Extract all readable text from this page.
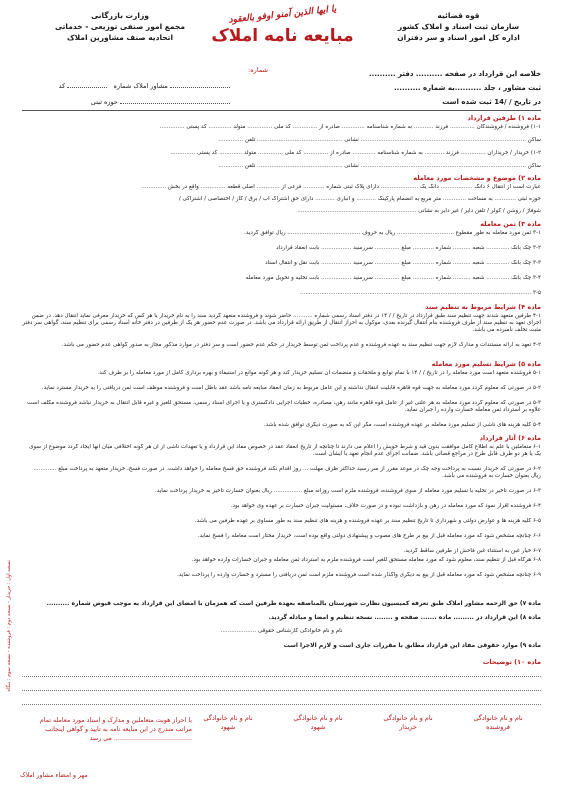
قوه قضائیه
سازمان ثبت اسناد و املاک کشور
اداره کل امور اسناد و سر دفتران
یا ایها الذین آمنو اوفو بالعقود
مبایعه نامه املاک
وزارت بازرگانی
مجمع امور صنفی توزیعی - خدماتی
اتحادیه صنف مشاورین املاک
شماره:
مشاور املاک شماره    کد
حوزه ثبتی
خلاصه این قرارداد در صفحه .......... دفتر ..........
ثبت مشاور ، جلد ..........به شماره ..........
در تاریخ / /14 ثبت شده است
ماده ۱) طرفین قرارداد
۱-۱) فروشنده / فروشندگان .............. فرزند ........... به شماره شناسنامه ............. صادره از .............. کد ملی .............. متولد ............. کد پستی ..............
ساکن ............................................................................................. نشانی ................................................ تلفن ..............
۱-۲) خریدار / خریداران .............. فرزند ........... به شماره شناسنامه ............. صادره از .............. کد ملی .............. متولد ............. کد پستی ..............
ساکن ............................................................................................. نشانی ................................................ تلفن ..............
ماده ۲) موضوع و مشخصات مورد معامله
عبارت است از انتقال ۶ دانگ .................. دانگ یک ..................... دارای پلاک ثبتی شماره ............ فرعی از ............. اصلی قطعه .............. واقع در بخش ..............
حوزه ثبتی ............ به مساحت ............. متر مربع به انضمام پارکینگ ........... و انباری ........... دارای حق اشتراک آب / برق / گاز / اختصاصی / اشتراکی /
شوفاژ / روشن / کولر / تلفن دایر / غیر دایر به نشانی ...................................................................
ماده ۳) ثمن معامله
۳-۱ ثمن مورد معامله به طور مقطوع ................................ ریال به حروف ......................................... ریال توافق گردید.
۳-۲ چک بانک ............. شعبه .......... شماره ............ مبلغ .............. سررسید ................. بابت انعقاد قرارداد
۳-۳ چک بانک ............. شعبه .......... شماره ............ مبلغ .............. سررسید ................. بابت نقل و انتقال اسناد
۳-۴ چک بانک ............. شعبه .......... شماره ............ مبلغ .............. سررسید ................. بابت تخلیه و تحویل مورد معامله
۳-۵ ..................................................................................................................................
ماده ۴) شرایط مربوط به تنظیم سند
۴-۱ طرفین متعهد شدند جهت تنظیم سند طبق قرارداد در تاریخ / / ۱۴ در دفتر اسناد رسمی شماره ........... حاضر شوند و فروشنده متعهد گردید سند را به نام خریدار یا هر کس که خریدار معرفی نماید انتقال دهد. در ضمن اجرای تعهد به تنظیم سند از طرف فروشنده بنام انتقال گیرنده بعدی، موکول به احراز انتقال از طریق ارائه قرارداد می باشد. در صورت عدم حضور هر یک از طرفین در دفتر خانه اسناد رسمی برای تنظیم سند، گواهی سر دفتر مثبت تخلف نامبرده می باشد.
۴-۲ تعهد به ارائه مستندات و مدارک لازم جهت تنظیم سند به عهده فروشنده و عدم پرداخت ثمن توسط خریدار در حکم عدم حضور است و سر دفتر در موارد مذکور مجاز به صدور گواهی عدم حضور می باشد.
ماده ۵) شرایط تسلیم مورد معامله
۵-۱ فروشنده متعهد است مورد معامله را در تاریخ / / ۱۴ با تمام توابع و ملحقات و منضمات آن تسلیم خریدار کند و هر گونه موانع در استیفاء و بهره برداری کامل از مورد معامله را بر طرف کند.
۵-۲ در صورتی که معلوم گردد مورد معامله به جهت قوه قاهره قابلیت انتقال نداشته و این عامل مربوط به زمان انعقاد مبایعه نامه باشد عقد باطل است و فروشنده موظف است ثمن دریافتی را به خریدار مسترد نماید.
۵-۳ در صورتی که معلوم گردد مورد معامله به هر علتی غیر از عامل قوه قاهره مانند رهن، مصادره، خطبات اجرایی دادگستری و یا اجرای اسناد رسمی، مستحق للغیر و غیره قابل انتقال به خریدار نباشد فروشنده مکلف است علاوه بر استرداد ثمن معامله خسارت وارده را جبران نماید.
۵-۴ کلیه هزینه های ناشی از تسلیم مورد معامله بر عهده فروشنده است، مگر این که به صورت دیگری توافق شده باشد.
ماده ۶) آثار قرارداد
۶-۱ متعاملین با علم به اطلاع کامل موافقت بدون قید و شرط خویش را اعلام می دارند تا چنانچه از تاریخ انعقاد عقد در خصوص مفاد این قرارداد و یا تعهدات ناشی از آن هر گونه اختلافی میان آنها ایجاد گردد موضوع از سوی یک یا هر دو طرف قابل طرح در مراجع قضائی باشد. ضمانت اجرای عدم انجام تعهد با ایشان است.
۶-۲ در صورتی که خریدار نسبت به پرداخت وجه چک در موعد مقرر از سر رسید حداکثر ظرف مهلت ... روز اقدام نکند فروشنده حق فسخ معامله را خواهد داشت. در صورت فسخ، خریدار متعهد به پرداخت مبلغ ............. ریال بعنوان خسارت به فروشنده می باشد.
۶-۳ در صورت تأخیر در تخلیه یا تسلیم مورد معامله از سوی فروشنده، فروشنده ملزم است روزانه مبلغ ................ ریال بعنوان خسارت تأخیر به خریدار پرداخت نماید.
۶-۴ فروشنده اقرار نمود که مورد معامله در رهن و بازداشت نبوده و در صورت خلاف، مسئولیت جبران خسارت بر عهده وی خواهد بود.
۶-۵ کلیه هزینه ها و عوارض دولتی و شهرداری تا تاریخ تنظیم سند بر عهده فروشنده و هزینه های تنظیم سند به طور مساوی بر عهده طرفین می باشد.
۶-۶ چنانچه مشخص شود که مورد معامله قبل از بیع بر طرح های مصوب و پیشنهادی دولتی واقع بوده است، خریدار مختار است معامله را فسخ نماید.
۶-۷ خیار غبن به استثناء غبن فاحش از طرفین ساقط گردید.
۶-۸ هرگاه قبل از تنظیم سند، معلوم شود که مورد معامله مستحق للغیر است فروشنده ملزم به استرداد ثمن معامله و جبران خسارات وارده خواهد بود.
۶-۹ چنانچه مشخص شود که مورد معامله قبل از بیع به دیگری واگذار شده است فروشنده ملزم است ثمن دریافتی را مسترد و خسارت وارده را پرداخت نماید.
ماده ۷) حق الزحمه مشاور املاک طبق تعرفه کمیسیون نظارت شهرستان بالمناصفه بعهده طرفین است که همزمان با امضای این قرارداد به موجب قبوض شماره ..........
ماده ۸) این قرارداد در ......... ماده ....... صفحه و ........ نسخه تنظیم و امضا و مبادله گردید.
نام و نام خانوادگی کارشناس حقوقی ....................
ماده ۹) موارد حقوقی مفاد این قرارداد مطابق با مقررات جاری است و لازم الاجرا است
ماده ۱۰) توضیحات
نسخه اول : خریدار - نسخه دوم : فروشنده - نسخه سوم : بنگاه
نام و نام خانوادگی
فروشنده
نام و نام خانوادگی
خریدار
نام و نام خانوادگی
شهود
نام و نام خانوادگی
شهود
با احراز هویت متعاملین و مدارک و اسناد مورد معامله تمام مراتب مندرج در این مبایعه نامه به تایید و گواهی اینجانب ....................................... می رسد
مهر و امضاء مشاور املاک
